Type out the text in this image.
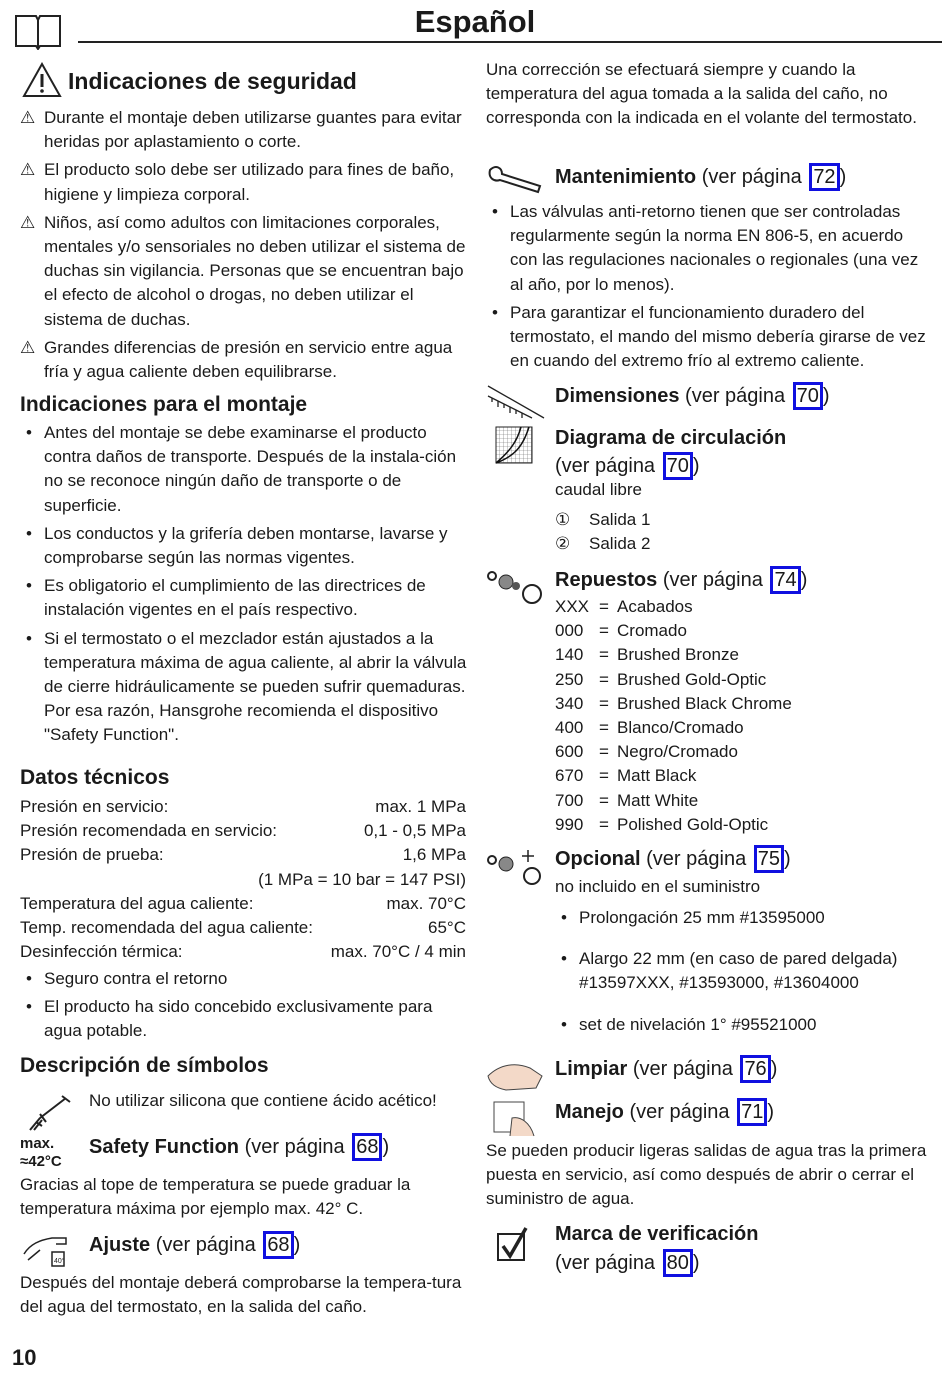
Español
Indicaciones de seguridad
⚠ Durante el montaje deben utilizarse guantes para evitar heridas por aplastamiento o corte.
⚠ El producto solo debe ser utilizado para fines de baño, higiene y limpieza corporal.
⚠ Niños, así como adultos con limitaciones corporales, mentales y/o sensoriales no deben utilizar el sistema de duchas sin vigilancia. Personas que se encuentran bajo el efecto de alcohol o drogas, no deben utilizar el sistema de duchas.
⚠ Grandes diferencias de presión en servicio entre agua fría y agua caliente deben equilibrarse.
Indicaciones para el montaje
• Antes del montaje se debe examinarse el producto contra daños de transporte. Después de la instala-ción no se reconoce ningún daño de transporte o de superficie.
• Los conductos y la grifería deben montarse, lavarse y comprobarse según las normas vigentes.
• Es obligatorio el cumplimiento de las directrices de instalación vigentes en el país respectivo.
• Si el termostato o el mezclador están ajustados a la temperatura máxima de agua caliente, al abrir la válvula de cierre hidráulicamente se pueden sufrir quemaduras. Por esa razón, Hansgrohe recomienda el dispositivo "Safety Function".
Datos técnicos
Presión en servicio:	max. 1 MPa
Presión recomendada en servicio:	0,1 - 0,5 MPa
Presión de prueba:	1,6 MPa
(1 MPa = 10 bar = 147 PSI)
Temperatura del agua caliente:	max. 70°C
Temp. recomendada del agua caliente:	65°C
Desinfección térmica:	max. 70°C / 4 min
• Seguro contra el retorno
• El producto ha sido concebido exclusivamente para agua potable.
Descripción de símbolos
No utilizar silicona que contiene ácido acético!
max.
≈42°C
Safety Function (ver página 68 )
Gracias al tope de temperatura se puede graduar la temperatura máxima por ejemplo max. 42° C.
40°
Ajuste (ver página 68 )
Después del montaje deberá comprobarse la tempera-tura del agua del termostato, en la salida del caño.
10
Una corrección se efectuará siempre y cuando la temperatura del agua tomada a la salida del caño, no corresponda con la indicada en el volante del termostato.
Mantenimiento (ver página 72 )
• Las válvulas anti-retorno tienen que ser controladas regularmente según la norma EN 806-5, en acuerdo con las regulaciones nacionales o regionales (una vez al año, por lo menos).
• Para garantizar el funcionamiento duradero del termostato, el mando del mismo debería girarse de vez en cuando del extremo frío al extremo caliente.
Dimensiones (ver página 70 )
Diagrama de circulación
(ver página 70 )
caudal libre
① Salida 1
② Salida 2
Repuestos (ver página 74 )
XXX = Acabados
000 = Cromado
140 = Brushed Bronze
250 = Brushed Gold-Optic
340 = Brushed Black Chrome
400 = Blanco/Cromado
600 = Negro/Cromado
670 = Matt Black
700 = Matt White
990 = Polished Gold-Optic
Opcional (ver página 75 )
no incluido en el suministro
• Prolongación 25 mm #13595000
• Alargo 22 mm (en caso de pared delgada) #13597XXX, #13593000, #13604000
• set de nivelación 1° #95521000
Limpiar (ver página 76 )
Manejo (ver página 71 )
Se pueden producir ligeras salidas de agua tras la primera puesta en servicio, así como después de abrir o cerrar el suministro de agua.
Marca de verificación
(ver página 80 )
